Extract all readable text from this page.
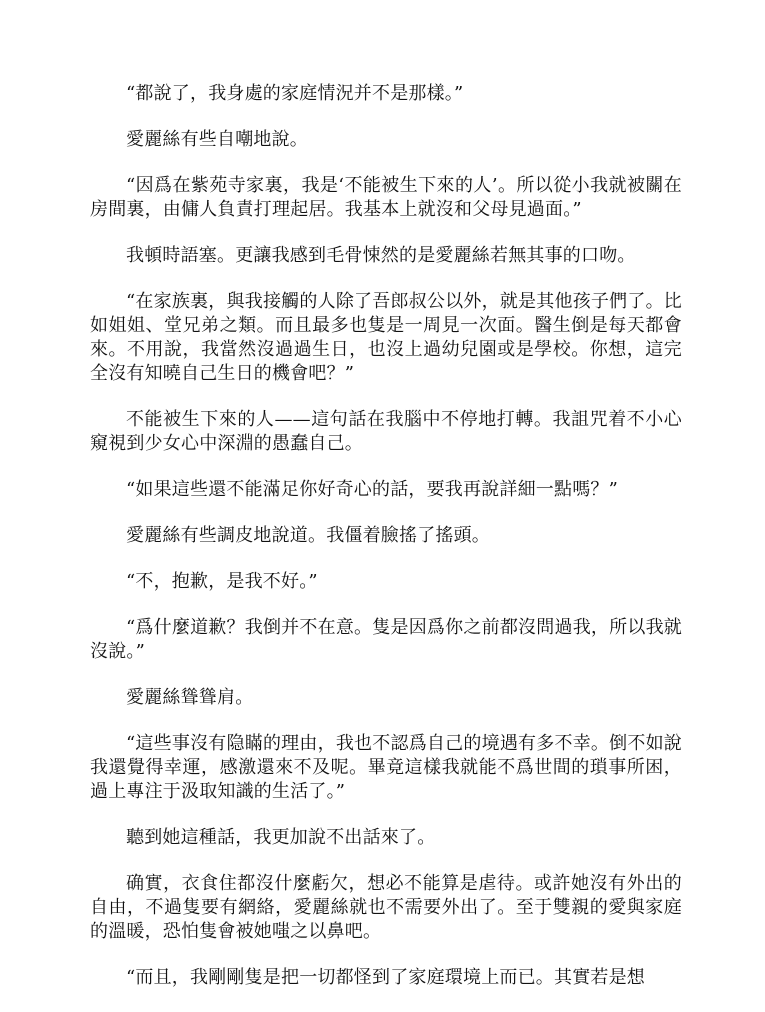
“都說了，我身處的家庭情況并不是那樣。”

愛麗絲有些自嘲地說。

“因爲在紫苑寺家裏，我是‘不能被生下來的人’。所以從小我就被關在房間裏，由傭人負責打理起居。我基本上就沒和父母見過面。”

我頓時語塞。更讓我感到毛骨悚然的是愛麗絲若無其事的口吻。

“在家族裏，與我接觸的人除了吾郎叔公以外，就是其他孩子們了。比如姐姐、堂兄弟之類。而且最多也隻是一周見一次面。醫生倒是每天都會來。不用說，我當然沒過過生日，也沒上過幼兒園或是學校。你想，這完全沒有知曉自己生日的機會吧？”

不能被生下來的人——這句話在我腦中不停地打轉。我詛咒着不小心窺視到少女心中深淵的愚蠢自己。

“如果這些還不能滿足你好奇心的話，要我再說詳細一點嗎？”

愛麗絲有些調皮地說道。我僵着臉搖了搖頭。

“不，抱歉，是我不好。”

“爲什麼道歉？我倒并不在意。隻是因爲你之前都沒問過我，所以我就沒說。”

愛麗絲聳聳肩。

“這些事沒有隐瞞的理由，我也不認爲自己的境遇有多不幸。倒不如說我還覺得幸運，感激還來不及呢。畢竟這樣我就能不爲世間的瑣事所困，過上專注于汲取知識的生活了。”

聽到她這種話，我更加說不出話來了。

确實，衣食住都沒什麼虧欠，想必不能算是虐待。或許她沒有外出的自由，不過隻要有網絡，愛麗絲就也不需要外出了。至于雙親的愛與家庭的溫暖，恐怕隻會被她嗤之以鼻吧。

“而且，我剛剛隻是把一切都怪到了家庭環境上而已。其實若是想
